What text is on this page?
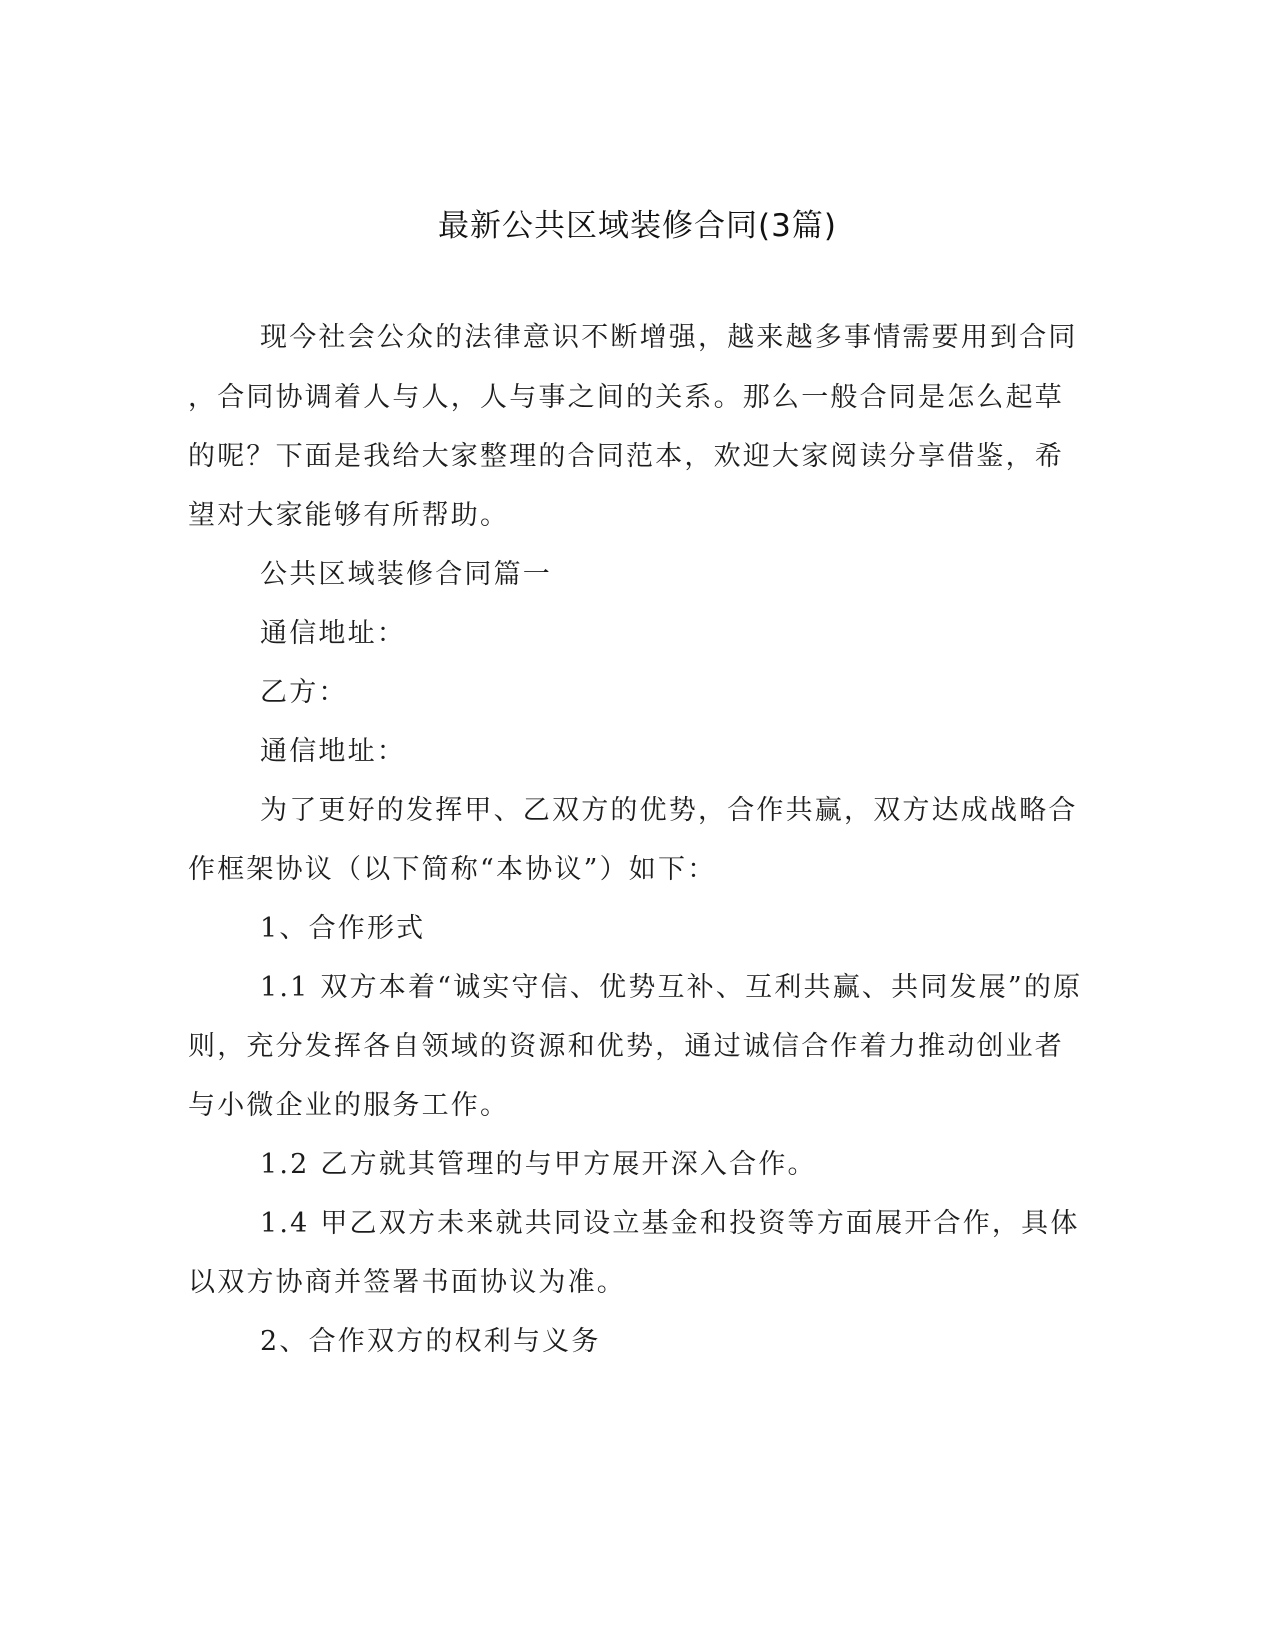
最新公共区域装修合同(3篇)
现今社会公众的法律意识不断增强，越来越多事情需要用到合同
，合同协调着人与人，人与事之间的关系。那么一般合同是怎么起草
的呢？下面是我给大家整理的合同范本，欢迎大家阅读分享借鉴，希
望对大家能够有所帮助。
公共区域装修合同篇一
通信地址：
乙方：
通信地址：
为了更好的发挥甲、乙双方的优势，合作共赢，双方达成战略合
作框架协议（以下简称“本协议”）如下：
1、合作形式
1.1 双方本着“诚实守信、优势互补、互利共赢、共同发展”的原
则，充分发挥各自领域的资源和优势，通过诚信合作着力推动创业者
与小微企业的服务工作。
1.2 乙方就其管理的与甲方展开深入合作。
1.4 甲乙双方未来就共同设立基金和投资等方面展开合作，具体
以双方协商并签署书面协议为准。
2、合作双方的权利与义务
